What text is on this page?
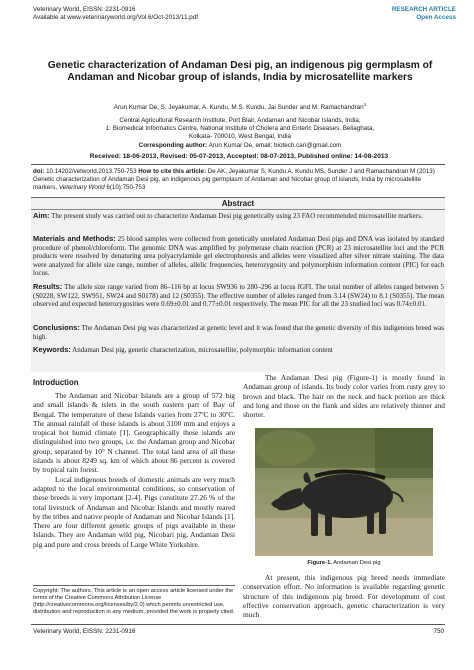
Veterinary World, EISSN: 2231-0916
Available at www.veterinaryworld.org/Vol.6/Oct-2013/11.pdf
RESEARCH ARTICLE
Open Access
Genetic characterization of Andaman Desi pig, an indigenous pig germplasm of Andaman and Nicobar group of islands, India by microsatellite markers
Arun Kumar De, S. Jeyakumar, A. Kundu, M.S. Kundu, Jai Sunder and M. Ramachandran$^1$
Central Agricultural Research Institute, Port Blair, Andaman and Nicobar Islands, India;
1: Biomedical Informatics Centre, National Institute of Cholera and Enteric Diseases, Beliaghata,
Kolkata- 700010, West Bengal, India
Corresponding author: Arun Kumar De, email: biotech.cari@gmail.com
Received: 18-06-2013, Revised: 05-07-2013, Accepted: 08-07-2013, Published online: 14-08-2013
doi: 10.14202/vetworld.2013.750-753 How to cite this article: De AK, Jeyakumar S, Kundu A, Kundu MS, Sunder J and Ramachandran M (2013) Genetic characterization of Andaman Desi pig, an indigenous pig germplasm of Andaman and Nicobar group of islands, India by microsatellite markers, Veterinary World 6(10):750-753
Abstract
Aim: The present study was carried out to characterize Andaman Desi pig genetically using 23 FAO recommended microsatellite markers.
Materials and Methods: 25 blood samples were collected from genetically unrelated Andaman Desi pigs and DNA was isolated by standard procedure of phenol/chloroform. The genomic DNA was amplified by polymerase chain reaction (PCR) at 23 microsatellite loci and the PCR products were resolved by denaturing urea polyacrylamide gel electrophoresis and alleles were visualized after silver nitrate staining. The data were analyzed for allele size range, number of alleles, allelic frequencies, heterozygosity and polymorphism information content (PIC) for each locus.
Results: The allele size range varied from 86–116 bp at locus SW936 to 280–296 at locus IGFI. The total number of alleles ranged between 5 (S0228, SW122, SW951, SW24 and S0178) and 12 (S0355). The effective number of alleles ranged from 3.14 (SW24) to 8.1 (S0355). The mean observed and expected heterozygosities were 0.69±0.01 and 0.77±0.01 respectively. The mean PIC for all the 23 studied loci was 0.74±0.01.
Conclusions: The Andaman Desi pig was characterized at genetic level and it was found that the genetic diversity of this indigenous breed was high.
Keywords: Andaman Desi pig, genetic characterization, microsatellite, polymorphic information content
Introduction

The Andaman and Nicobar Islands are a group of 572 big and small islands & islets in the south eastern part of Bay of Bengal. The temperature of these Islands varies from 27ºC to 30ºC. The annual rainfall of these islands is about 3100 mm and enjoys a tropical hot humid climate [1]. Geographically these islands are distinguished into two groups, i.e. the Andaman group and Nicobar group, separated by 10° N channel. The total land area of all these islands is about 8249 sq. km of which about 86 percent is covered by tropical rain forest.

Local indigenous breeds of domestic animals are very much adapted to the local environmental conditions, so conservation of these breeds is very important [2-4]. Pigs constitute 27.26 % of the total livestock of Andaman and Nicobar Islands and mostly reared by the tribes and native people of Andaman and Nicobar Islands [1]. There are four different genetic groups of pigs available in these Islands. They are Andaman wild pig, Nicobari pig, Andaman Desi pig and pure and cross breeds of Large White Yorkshire.

The Andaman Desi pig (Figure-1) is mostly found in Andaman group of islands. Its body color varies from rusty grey to brown and black. The hair on the neck and back portion are thick and long and those on the flank and sides are relatively thinner and shorter.

Figure-1. Andaman Desi pig

At present, this indigenous pig breed needs immediate conservation effort. No information is available regarding genetic structure of this indigenous pig breed. For development of cost effective conservation approach, genetic characterization is very much

Copyright: The authors. This article is an open access article licensed under the terms of the Creative Commons Attribution License (http://creativecommons.org/licenses/by/2.0) which permits unrestricted use, distribution and reproduction in any medium, provided the work is properly cited.
Veterinary World, EISSN: 2231-0916	750
